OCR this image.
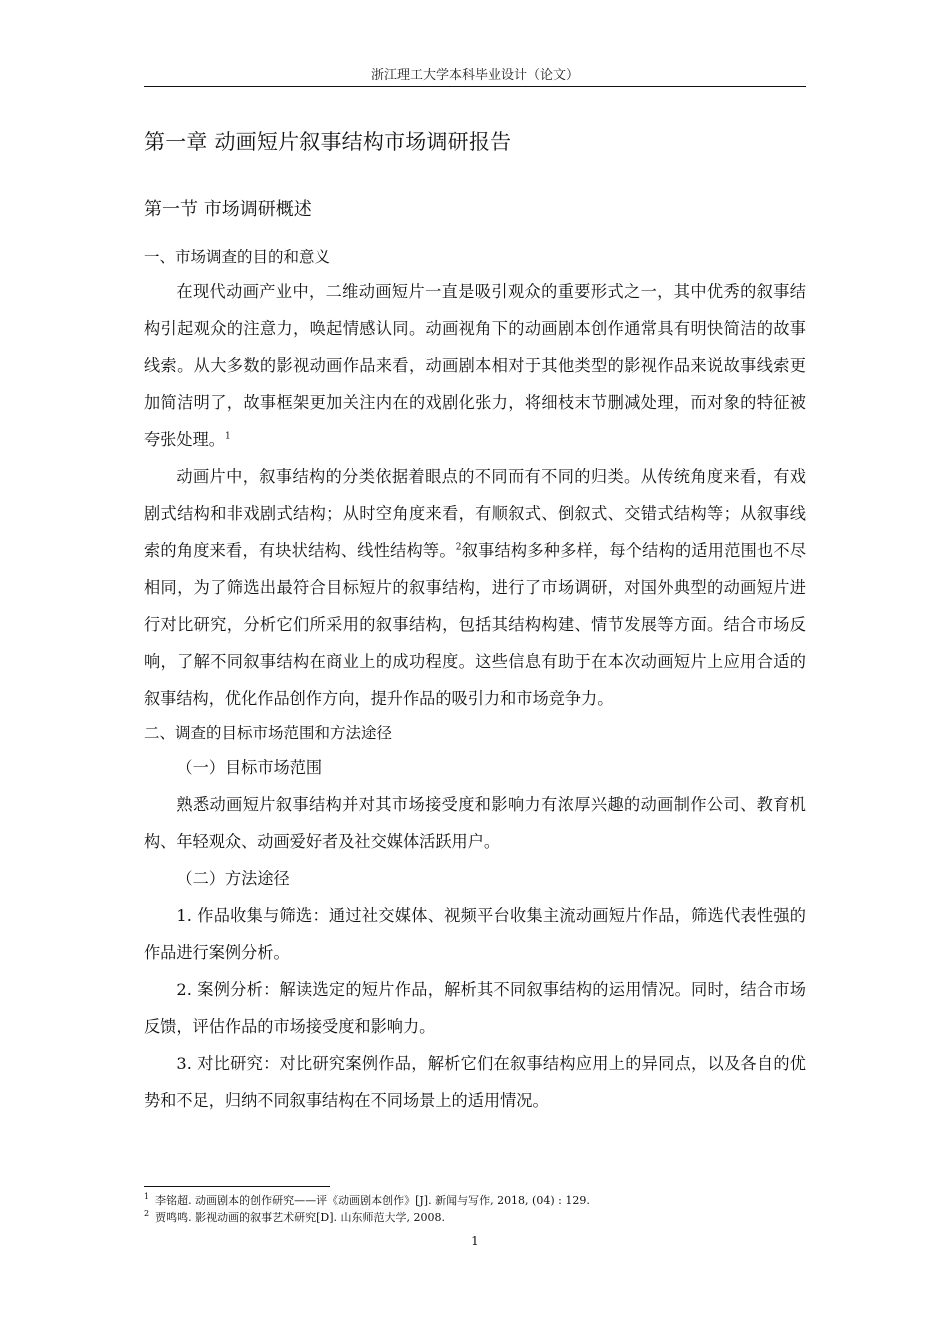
浙江理工大学本科毕业设计（论文）
第一章 动画短片叙事结构市场调研报告
第一节 市场调研概述
一、市场调查的目的和意义

在现代动画产业中，二维动画短片一直是吸引观众的重要形式之一，其中优秀的叙事结构引起观众的注意力，唤起情感认同。动画视角下的动画剧本创作通常具有明快简洁的故事线索。从大多数的影视动画作品来看，动画剧本相对于其他类型的影视作品来说故事线索更加简洁明了，故事框架更加关注内在的戏剧化张力，将细枝末节删减处理，而对象的特征被夸张处理。$^1$

动画片中，叙事结构的分类依据着眼点的不同而有不同的归类。从传统角度来看，有戏剧式结构和非戏剧式结构；从时空角度来看，有顺叙式、倒叙式、交错式结构等；从叙事线索的角度来看，有块状结构、线性结构等。$^2$叙事结构多种多样，每个结构的适用范围也不尽相同，为了筛选出最符合目标短片的叙事结构，进行了市场调研，对国外典型的动画短片进行对比研究，分析它们所采用的叙事结构，包括其结构构建、情节发展等方面。结合市场反响，了解不同叙事结构在商业上的成功程度。这些信息有助于在本次动画短片上应用合适的叙事结构，优化作品创作方向，提升作品的吸引力和市场竞争力。

二、调查的目标市场范围和方法途径

（一）目标市场范围

熟悉动画短片叙事结构并对其市场接受度和影响力有浓厚兴趣的动画制作公司、教育机构、年轻观众、动画爱好者及社交媒体活跃用户。

（二）方法途径

1. 作品收集与筛选：通过社交媒体、视频平台收集主流动画短片作品，筛选代表性强的作品进行案例分析。

2. 案例分析：解读选定的短片作品，解析其不同叙事结构的运用情况。同时，结合市场反馈，评估作品的市场接受度和影响力。

3. 对比研究：对比研究案例作品，解析它们在叙事结构应用上的异同点，以及各自的优势和不足，归纳不同叙事结构在不同场景上的适用情况。

$^1$ 李铭超. 动画剧本的创作研究——评《动画剧本创作》[J]. 新闻与写作, 2018, (04) : 129.

$^2$ 贾鸣鸣. 影视动画的叙事艺术研究[D]. 山东师范大学, 2008.

1
